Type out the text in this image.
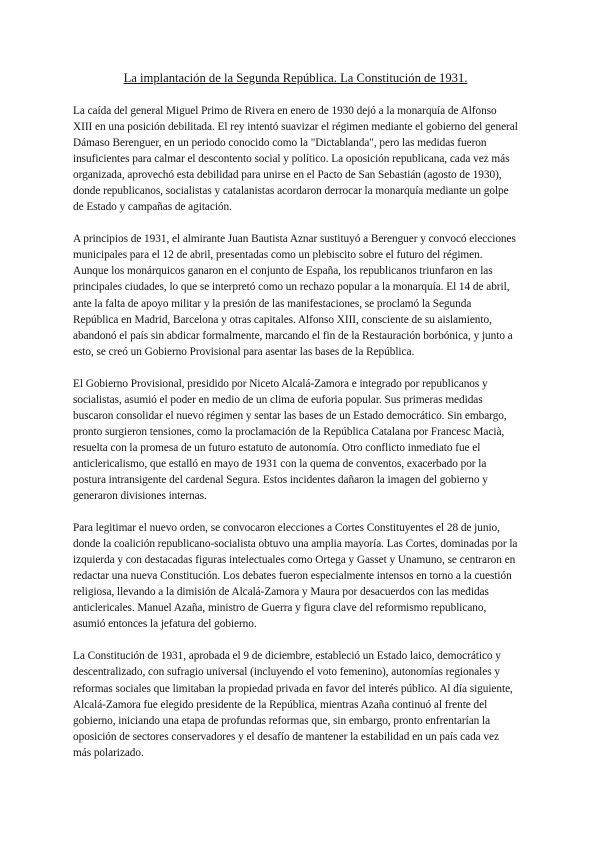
La implantación de la Segunda República. La Constitución de 1931.

La caída del general Miguel Primo de Rivera en enero de 1930 dejó a la monarquía de Alfonso XIII en una posición debilitada. El rey intentó suavizar el régimen mediante el gobierno del general Dámaso Berenguer, en un periodo conocido como la "Dictablanda", pero las medidas fueron insuficientes para calmar el descontento social y político. La oposición republicana, cada vez más organizada, aprovechó esta debilidad para unirse en el Pacto de San Sebastián (agosto de 1930), donde republicanos, socialistas y catalanistas acordaron derrocar la monarquía mediante un golpe de Estado y campañas de agitación.

A principios de 1931, el almirante Juan Bautista Aznar sustituyó a Berenguer y convocó elecciones municipales para el 12 de abril, presentadas como un plebiscito sobre el futuro del régimen. Aunque los monárquicos ganaron en el conjunto de España, los republicanos triunfaron en las principales ciudades, lo que se interpretó como un rechazo popular a la monarquía. El 14 de abril, ante la falta de apoyo militar y la presión de las manifestaciones, se proclamó la Segunda República en Madrid, Barcelona y otras capitales. Alfonso XIII, consciente de su aislamiento, abandonó el país sin abdicar formalmente, marcando el fin de la Restauración borbónica, y junto a esto, se creó un Gobierno Provisional para asentar las bases de la República.

El Gobierno Provisional, presidido por Niceto Alcalá-Zamora e integrado por republicanos y socialistas, asumió el poder en medio de un clima de euforia popular. Sus primeras medidas buscaron consolidar el nuevo régimen y sentar las bases de un Estado democrático. Sin embargo, pronto surgieron tensiones, como la proclamación de la República Catalana por Francesc Macià, resuelta con la promesa de un futuro estatuto de autonomía. Otro conflicto inmediato fue el anticlericalismo, que estalló en mayo de 1931 con la quema de conventos, exacerbado por la postura intransigente del cardenal Segura. Estos incidentes dañaron la imagen del gobierno y generaron divisiones internas.

Para legitimar el nuevo orden, se convocaron elecciones a Cortes Constituyentes el 28 de junio, donde la coalición republicano-socialista obtuvo una amplia mayoría. Las Cortes, dominadas por la izquierda y con destacadas figuras intelectuales como Ortega y Gasset y Unamuno, se centraron en redactar una nueva Constitución. Los debates fueron especialmente intensos en torno a la cuestión religiosa, llevando a la dimisión de Alcalá-Zamora y Maura por desacuerdos con las medidas anticlericales. Manuel Azaña, ministro de Guerra y figura clave del reformismo republicano, asumió entonces la jefatura del gobierno.

La Constitución de 1931, aprobada el 9 de diciembre, estableció un Estado laico, democrático y descentralizado, con sufragio universal (incluyendo el voto femenino), autonomías regionales y reformas sociales que limitaban la propiedad privada en favor del interés público. Al día siguiente, Alcalá-Zamora fue elegido presidente de la República, mientras Azaña continuó al frente del gobierno, iniciando una etapa de profundas reformas que, sin embargo, pronto enfrentarían la oposición de sectores conservadores y el desafío de mantener la estabilidad en un país cada vez más polarizado.
